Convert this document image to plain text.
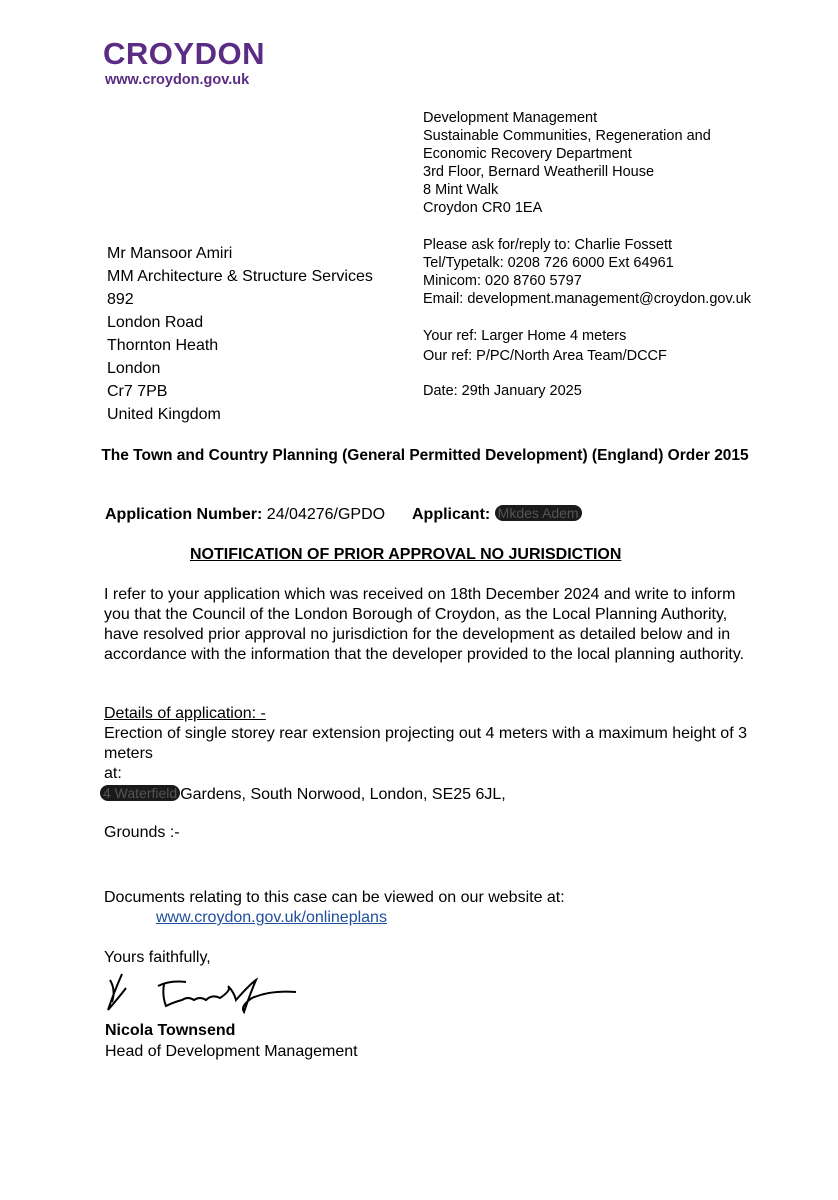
CROYDON
www.croydon.gov.uk
Development Management
Sustainable Communities, Regeneration and
Economic Recovery Department
3rd Floor, Bernard Weatherill House
8 Mint Walk
Croydon CR0 1EA
Please ask for/reply to: Charlie Fossett
Tel/Typetalk: 0208 726 6000 Ext 64961
Minicom: 020 8760 5797
Email: development.management@croydon.gov.uk
Your ref: Larger Home 4 meters
Our ref: P/PC/North Area Team/DCCF
Date: 29th January 2025
Mr Mansoor Amiri
MM Architecture & Structure Services
892
London Road
Thornton Heath
London
Cr7 7PB
United Kingdom
The Town and Country Planning (General Permitted Development) (England) Order 2015
Application Number: 24/04276/GPDO Applicant: Mkdes Adem
NOTIFICATION OF PRIOR APPROVAL NO JURISDICTION
I refer to your application which was received on 18th December 2024 and write to inform you that the Council of the London Borough of Croydon, as the Local Planning Authority, have resolved prior approval no jurisdiction for the development as detailed below and in accordance with the information that the developer provided to the local planning authority.
Details of application: -
Erection of single storey rear extension projecting out 4 meters with a maximum height of 3 meters
at:
4 Waterfield Gardens, South Norwood, London, SE25 6JL,
Grounds :-
Documents relating to this case can be viewed on our website at:
www.croydon.gov.uk/onlineplans
Yours faithfully,
Nicola Townsend
Head of Development Management
